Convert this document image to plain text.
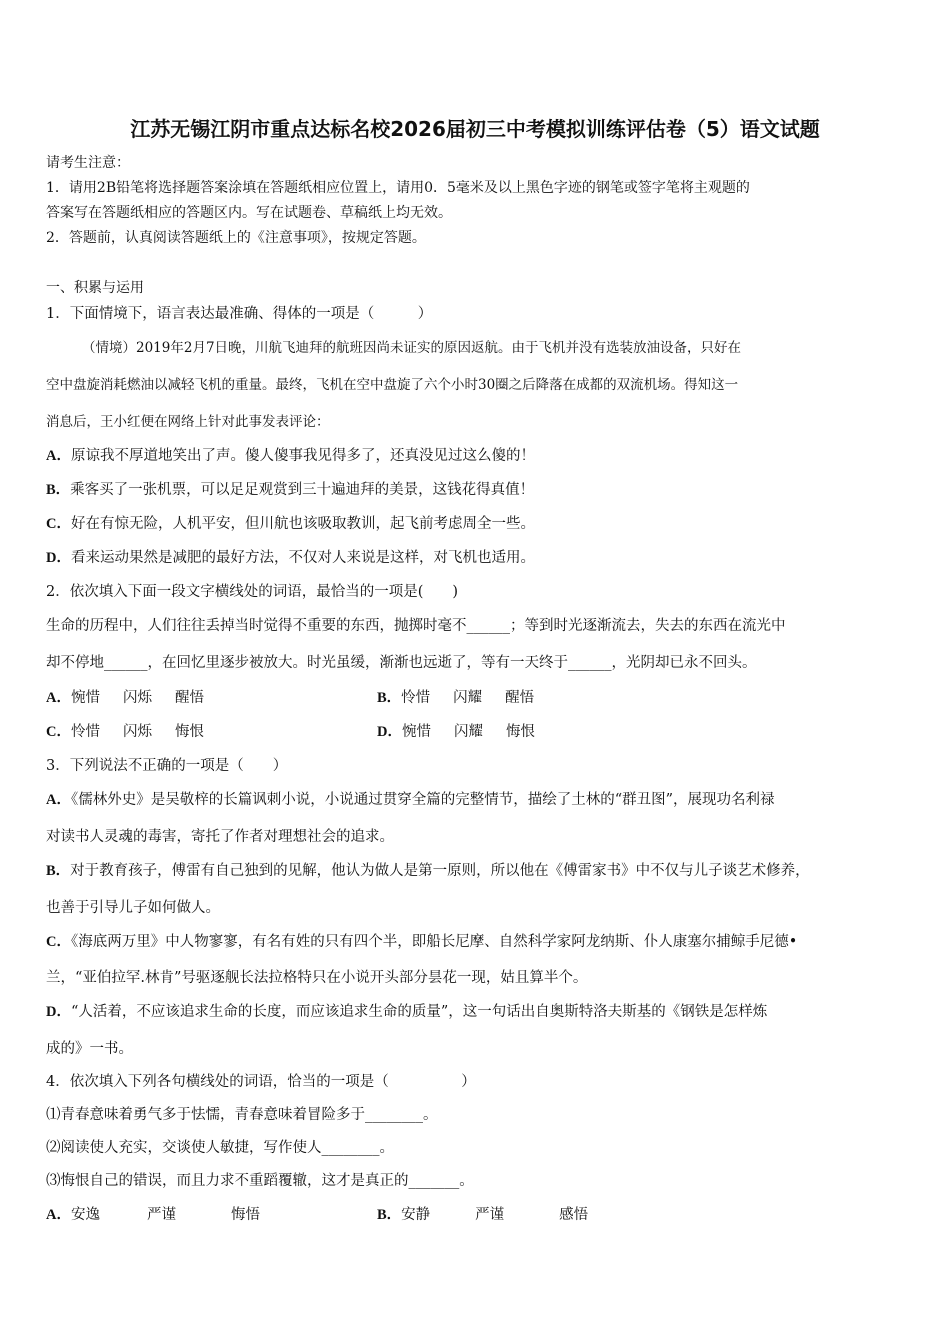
江苏无锡江阴市重点达标名校2026届初三中考模拟训练评估卷（5）语文试题
请考生注意：
1．请用2B铅笔将选择题答案涂填在答题纸相应位置上，请用0．5毫米及以上黑色字迹的钢笔或签字笔将主观题的
答案写在答题纸相应的答题区内。写在试题卷、草稿纸上均无效。
2．答题前，认真阅读答题纸上的《注意事项》，按规定答题。
一、积累与运用
1．下面情境下，语言表达最准确、得体的一项是（　　　）
（情境）2019年2月7日晚，川航飞迪拜的航班因尚未证实的原因返航。由于飞机并没有选装放油设备，只好在
空中盘旋消耗燃油以减轻飞机的重量。最终，飞机在空中盘旋了六个小时30圈之后降落在成都的双流机场。得知这一
消息后，王小红便在网络上针对此事发表评论：
A．原谅我不厚道地笑出了声。傻人傻事我见得多了，还真没见过这么傻的！
B．乘客买了一张机票，可以足足观赏到三十遍迪拜的美景，这钱花得真值！
C．好在有惊无险，人机平安，但川航也该吸取教训，起飞前考虑周全一些。
D．看来运动果然是减肥的最好方法，不仅对人来说是这样，对飞机也适用。
2．依次填入下面一段文字横线处的词语，最恰当的一项是(　　)
生命的历程中，人们往往丢掉当时觉得不重要的东西，抛掷时毫不______；等到时光逐渐流去，失去的东西在流光中
却不停地______，在回忆里逐步被放大。时光虽缓，渐渐也远逝了，等有一天终于______，光阴却已永不回头。
A．惋惜 闪烁 醒悟	B．怜惜 闪耀 醒悟
C．怜惜 闪烁 悔恨	D．惋惜 闪耀 悔恨
3．下列说法不正确的一项是（　　）
A．《儒林外史》是吴敬梓的长篇讽刺小说，小说通过贯穿全篇的完整情节，描绘了土林的“群丑图”，展现功名利禄
对读书人灵魂的毒害，寄托了作者对理想社会的追求。
B．对于教育孩子，傅雷有自己独到的见解，他认为做人是第一原则，所以他在《傅雷家书》中不仅与儿子谈艺术修养，
也善于引导儿子如何做人。
C．《海底两万里》中人物寥寥，有名有姓的只有四个半，即船长尼摩、自然科学家阿龙纳斯、仆人康塞尔捕鲸手尼德•
兰，“亚伯拉罕.林肯”号驱逐舰长法拉格特只在小说开头部分昙花一现，姑且算半个。
D．“人活着，不应该追求生命的长度，而应该追求生命的质量”，这一句话出自奥斯特洛夫斯基的《钢铁是怎样炼
成的》一书。
4．依次填入下列各句横线处的词语，恰当的一项是（　　　　　）
⑴青春意味着勇气多于怯懦，青春意味着冒险多于________。
⑵阅读使人充实，交谈使人敏捷，写作使人________。
⑶悔恨自己的错误，而且力求不重蹈覆辙，这才是真正的_______。
A．安逸	严谨	悔悟	B．安静	严谨	感悟
